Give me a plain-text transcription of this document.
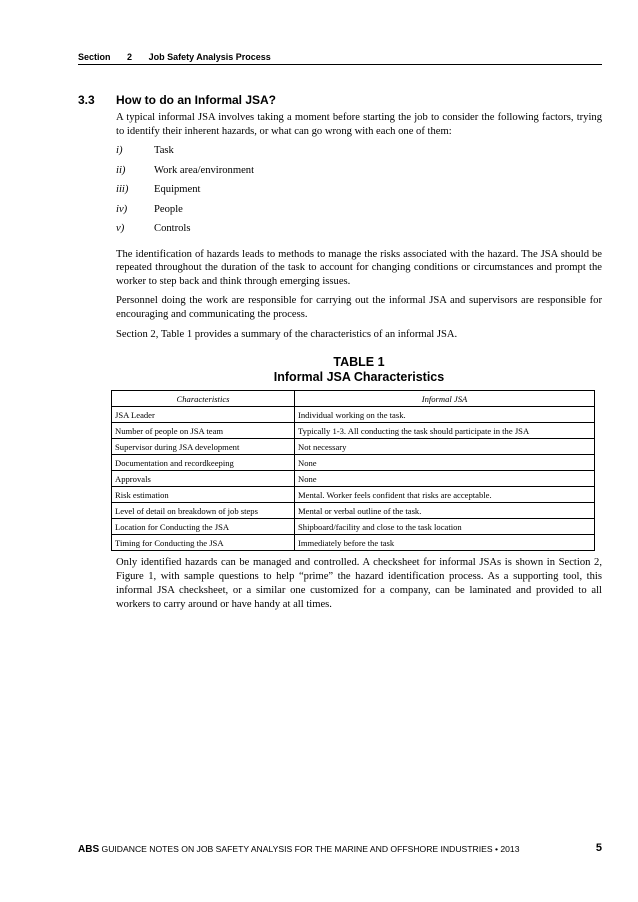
Section 2 Job Safety Analysis Process
3.3 How to do an Informal JSA?

A typical informal JSA involves taking a moment before starting the job to consider the following factors, trying to identify their inherent hazards, or what can go wrong with each one of them:

i)	Task
ii)	Work area/environment
iii) Equipment
iv)	People
v)	Controls

The identification of hazards leads to methods to manage the risks associated with the hazard. The JSA should be repeated throughout the duration of the task to account for changing conditions or circumstances and prompt the worker to step back and think through emerging issues.

Personnel doing the work are responsible for carrying out the informal JSA and supervisors are responsible for encouraging and communicating the process.

Section 2, Table 1 provides a summary of the characteristics of an informal JSA.

TABLE 1
Informal JSA Characteristics
Characteristics	Informal JSA
JSA Leader	Individual working on the task.
Number of people on JSA team	Typically 1-3. All conducting the task should participate in the JSA
Supervisor during JSA development	Not necessary
Documentation and recordkeeping	None
Approvals	None
Risk estimation	Mental. Worker feels confident that risks are acceptable.
Level of detail on breakdown of job steps	Mental or verbal outline of the task.
Location for Conducting the JSA	Shipboard/facility and close to the task location
Timing for Conducting the JSA	Immediately before the task

Only identified hazards can be managed and controlled. A checksheet for informal JSAs is shown in Section 2, Figure 1, with sample questions to help “prime” the hazard identification process. As a supporting tool, this informal JSA checksheet, or a similar one customized for a company, can be laminated and provided to all workers to carry around or have handy at all times.

ABS GUIDANCE NOTES ON JOB SAFETY ANALYSIS FOR THE MARINE AND OFFSHORE INDUSTRIES • 2013	5
